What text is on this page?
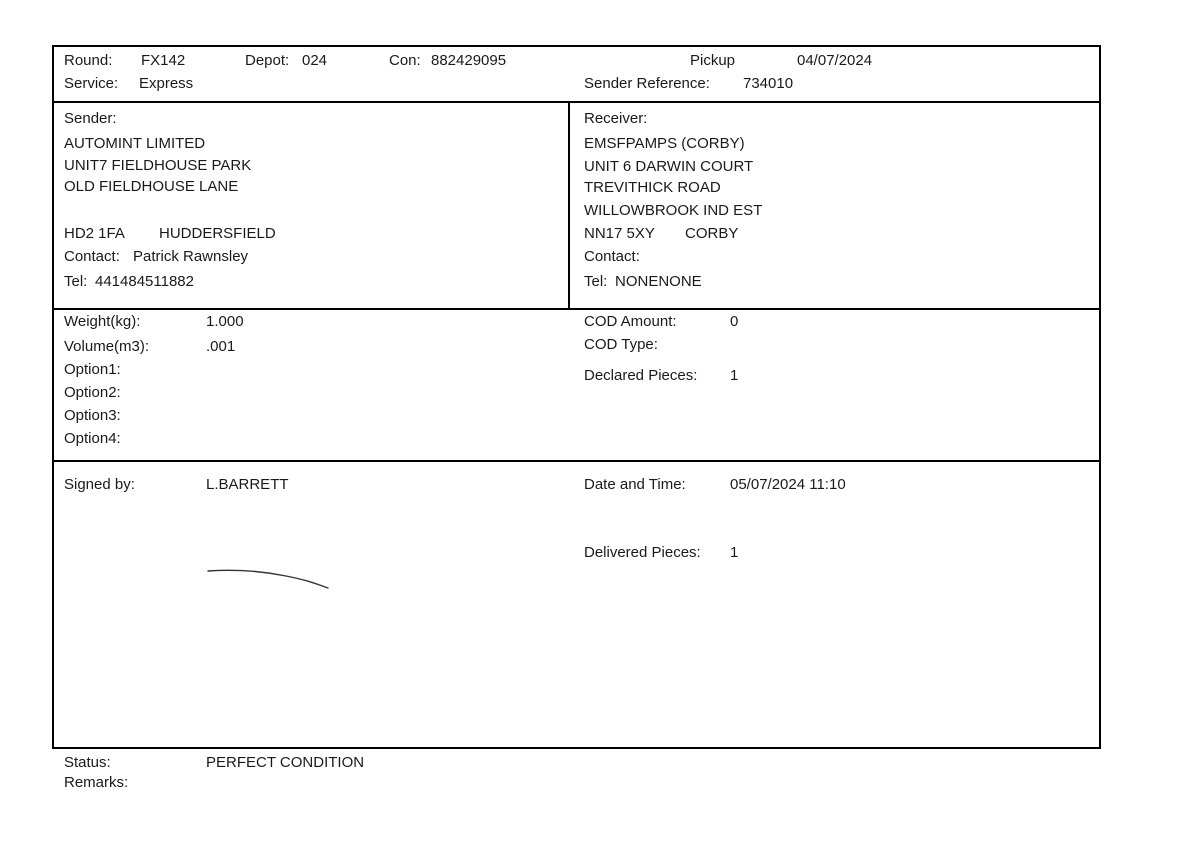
Round: FX142	Depot: 024	Con: 882429095	Pickup	04/07/2024
Service: Express	Sender Reference: 734010
Sender:
AUTOMINT LIMITED
UNIT7 FIELDHOUSE PARK
OLD FIELDHOUSE LANE
HD2 1FA HUDDERSFIELD
Contact: Patrick Rawnsley
Tel: 441484511882
Receiver:
EMSFPAMPS (CORBY)
UNIT 6 DARWIN COURT
TREVITHICK ROAD
WILLOWBROOK IND EST
NN17 5XY CORBY
Contact:
Tel: NONENONE
Weight(kg):	1.000
Volume(m3):	.001
Option1:
Option2:
Option3:
Option4:
COD Amount:	0
COD Type:
Declared Pieces: 1
Signed by:	L.BARRETT	Date and Time:	05/07/2024 11:10
Delivered Pieces: 1
Status:	PERFECT CONDITION
Remarks:
